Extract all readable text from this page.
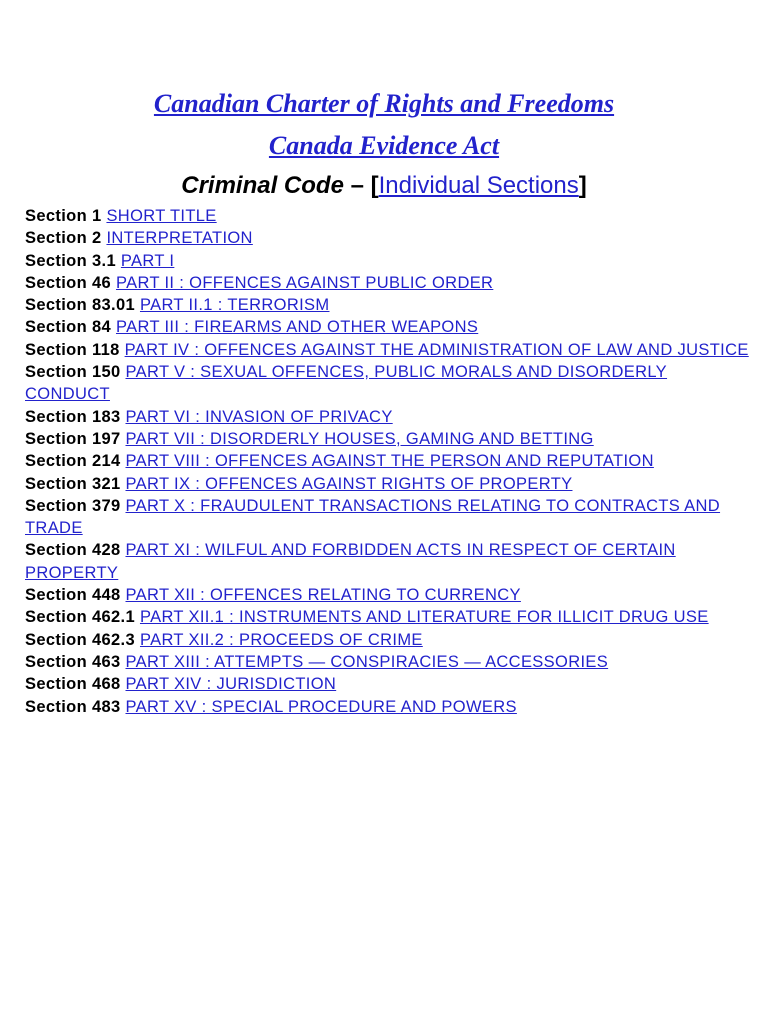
Canadian Charter of Rights and Freedoms

Canada Evidence Act

Criminal Code – [Individual Sections]

Section 1 SHORT TITLE
Section 2 INTERPRETATION
Section 3.1 PART I
Section 46 PART II : OFFENCES AGAINST PUBLIC ORDER
Section 83.01 PART II.1 : TERRORISM
Section 84 PART III : FIREARMS AND OTHER WEAPONS
Section 118 PART IV : OFFENCES AGAINST THE ADMINISTRATION OF LAW AND JUSTICE
Section 150 PART V : SEXUAL OFFENCES, PUBLIC MORALS AND DISORDERLY CONDUCT
Section 183 PART VI : INVASION OF PRIVACY
Section 197 PART VII : DISORDERLY HOUSES, GAMING AND BETTING
Section 214 PART VIII : OFFENCES AGAINST THE PERSON AND REPUTATION
Section 321 PART IX : OFFENCES AGAINST RIGHTS OF PROPERTY
Section 379 PART X : FRAUDULENT TRANSACTIONS RELATING TO CONTRACTS AND TRADE
Section 428 PART XI : WILFUL AND FORBIDDEN ACTS IN RESPECT OF CERTAIN PROPERTY
Section 448 PART XII : OFFENCES RELATING TO CURRENCY
Section 462.1 PART XII.1 : INSTRUMENTS AND LITERATURE FOR ILLICIT DRUG USE
Section 462.3 PART XII.2 : PROCEEDS OF CRIME
Section 463 PART XIII : ATTEMPTS — CONSPIRACIES — ACCESSORIES
Section 468 PART XIV : JURISDICTION
Section 483 PART XV : SPECIAL PROCEDURE AND POWERS
